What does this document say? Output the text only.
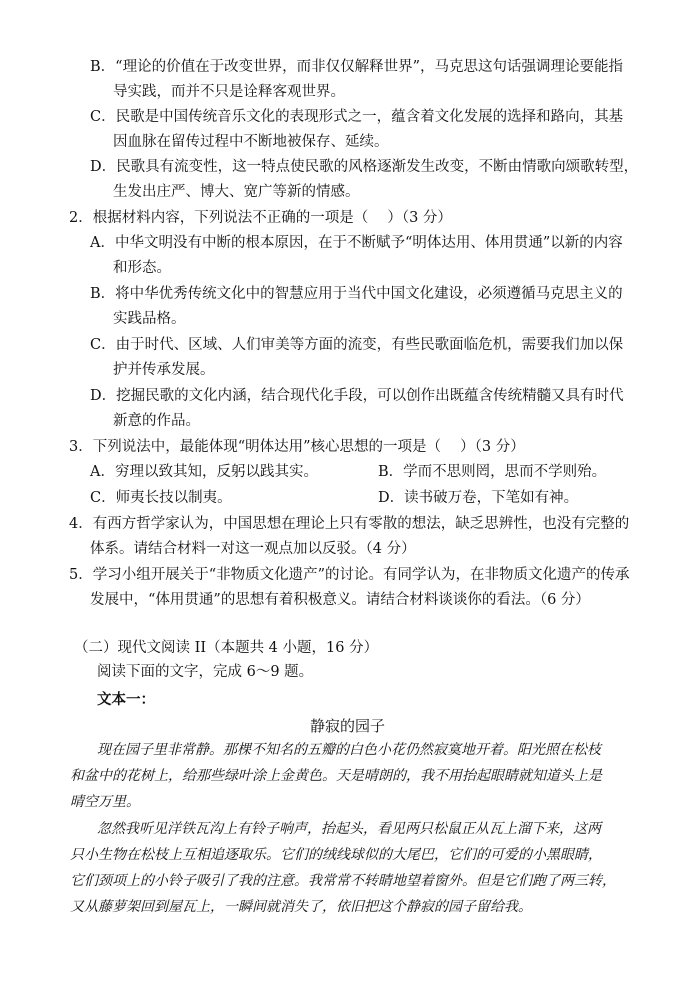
B．“理论的价值在于改变世界，而非仅仅解释世界”，马克思这句话强调理论要能指
导实践，而并不只是诠释客观世界。
C．民歌是中国传统音乐文化的表现形式之一，蕴含着文化发展的选择和路向，其基
因血脉在留传过程中不断地被保存、延续。
D．民歌具有流变性，这一特点使民歌的风格逐渐发生改变，不断由情歌向颂歌转型，
生发出庄严、博大、宽广等新的情感。
2．根据材料内容，下列说法不正确的一项是（　 ）（3 分）
A．中华文明没有中断的根本原因，在于不断赋予“明体达用、体用贯通”以新的内容
和形态。
B．将中华优秀传统文化中的智慧应用于当代中国文化建设，必须遵循马克思主义的
实践品格。
C．由于时代、区域、人们审美等方面的流变，有些民歌面临危机，需要我们加以保
护并传承发展。
D．挖掘民歌的文化内涵，结合现代化手段，可以创作出既蕴含传统精髓又具有时代
新意的作品。
3．下列说法中，最能体现“明体达用”核心思想的一项是（　 ）（3 分）
A．穷理以致其知，反躬以践其实。	B．学而不思则罔，思而不学则殆。
C．师夷长技以制夷。	D．读书破万卷，下笔如有神。
4．有西方哲学家认为，中国思想在理论上只有零散的想法，缺乏思辨性，也没有完整的
体系。请结合材料一对这一观点加以反驳。（4 分）
5．学习小组开展关于“非物质文化遗产”的讨论。有同学认为，在非物质文化遗产的传承
发展中，“体用贯通”的思想有着积极意义。请结合材料谈谈你的看法。（6 分）
（二）现代文阅读 II（本题共 4 小题，16 分）
阅读下面的文字，完成 6～9 题。
文本一：
静寂的园子
现在园子里非常静。那棵不知名的五瓣的白色小花仍然寂寞地开着。阳光照在松枝
和盆中的花树上，给那些绿叶涂上金黄色。天是晴朗的，我不用抬起眼睛就知道头上是
晴空万里。
忽然我听见洋铁瓦沟上有铃子响声，抬起头，看见两只松鼠正从瓦上溜下来，这两
只小生物在松枝上互相追逐取乐。它们的绒线球似的大尾巴，它们的可爱的小黑眼睛，
它们颈项上的小铃子吸引了我的注意。我常常不转睛地望着窗外。但是它们跑了两三转，
又从藤萝架回到屋瓦上，一瞬间就消失了，依旧把这个静寂的园子留给我。
